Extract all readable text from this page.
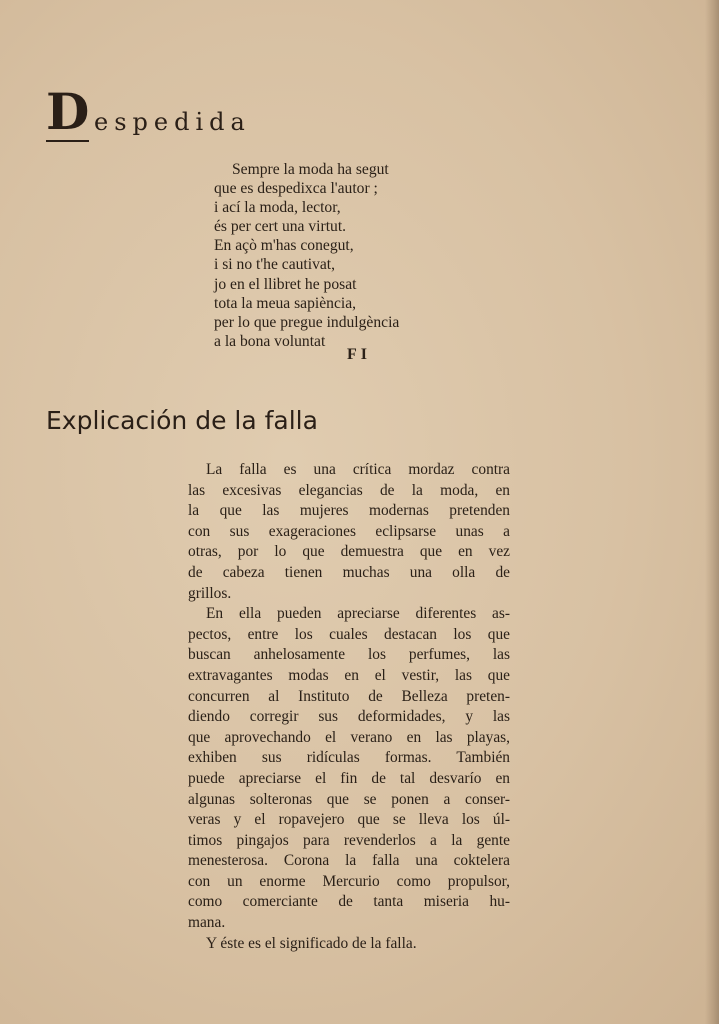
D espedida
Sempre la moda ha segut
que es despedixca l'autor ;
i ací la moda, lector,
és per cert una virtut.
En açò m'has conegut,
i si no t'he cautivat,
jo en el llibret he posat
tota la meua sapiència,
per lo que pregue indulgència
a la bona voluntat
FI
Explicación de la falla
La falla es una crítica mordaz contra
las excesivas elegancias de la moda, en
la que las mujeres modernas pretenden
con sus exageraciones eclipsarse unas a
otras, por lo que demuestra que en vez
de cabeza tienen muchas una olla de
grillos.
En ella pueden apreciarse diferentes as-
pectos, entre los cuales destacan los que
buscan anhelosamente los perfumes, las
extravagantes modas en el vestir, las que
concurren al Instituto de Belleza preten-
diendo corregir sus deformidades, y las
que aprovechando el verano en las playas,
exhiben sus ridículas formas. También
puede apreciarse el fin de tal desvarío en
algunas solteronas que se ponen a conser-
veras y el ropavejero que se lleva los úl-
timos pingajos para revenderlos a la gente
menesterosa. Corona la falla una coktelera
con un enorme Mercurio como propulsor,
como comerciante de tanta miseria hu-
mana.
Y éste es el significado de la falla.
